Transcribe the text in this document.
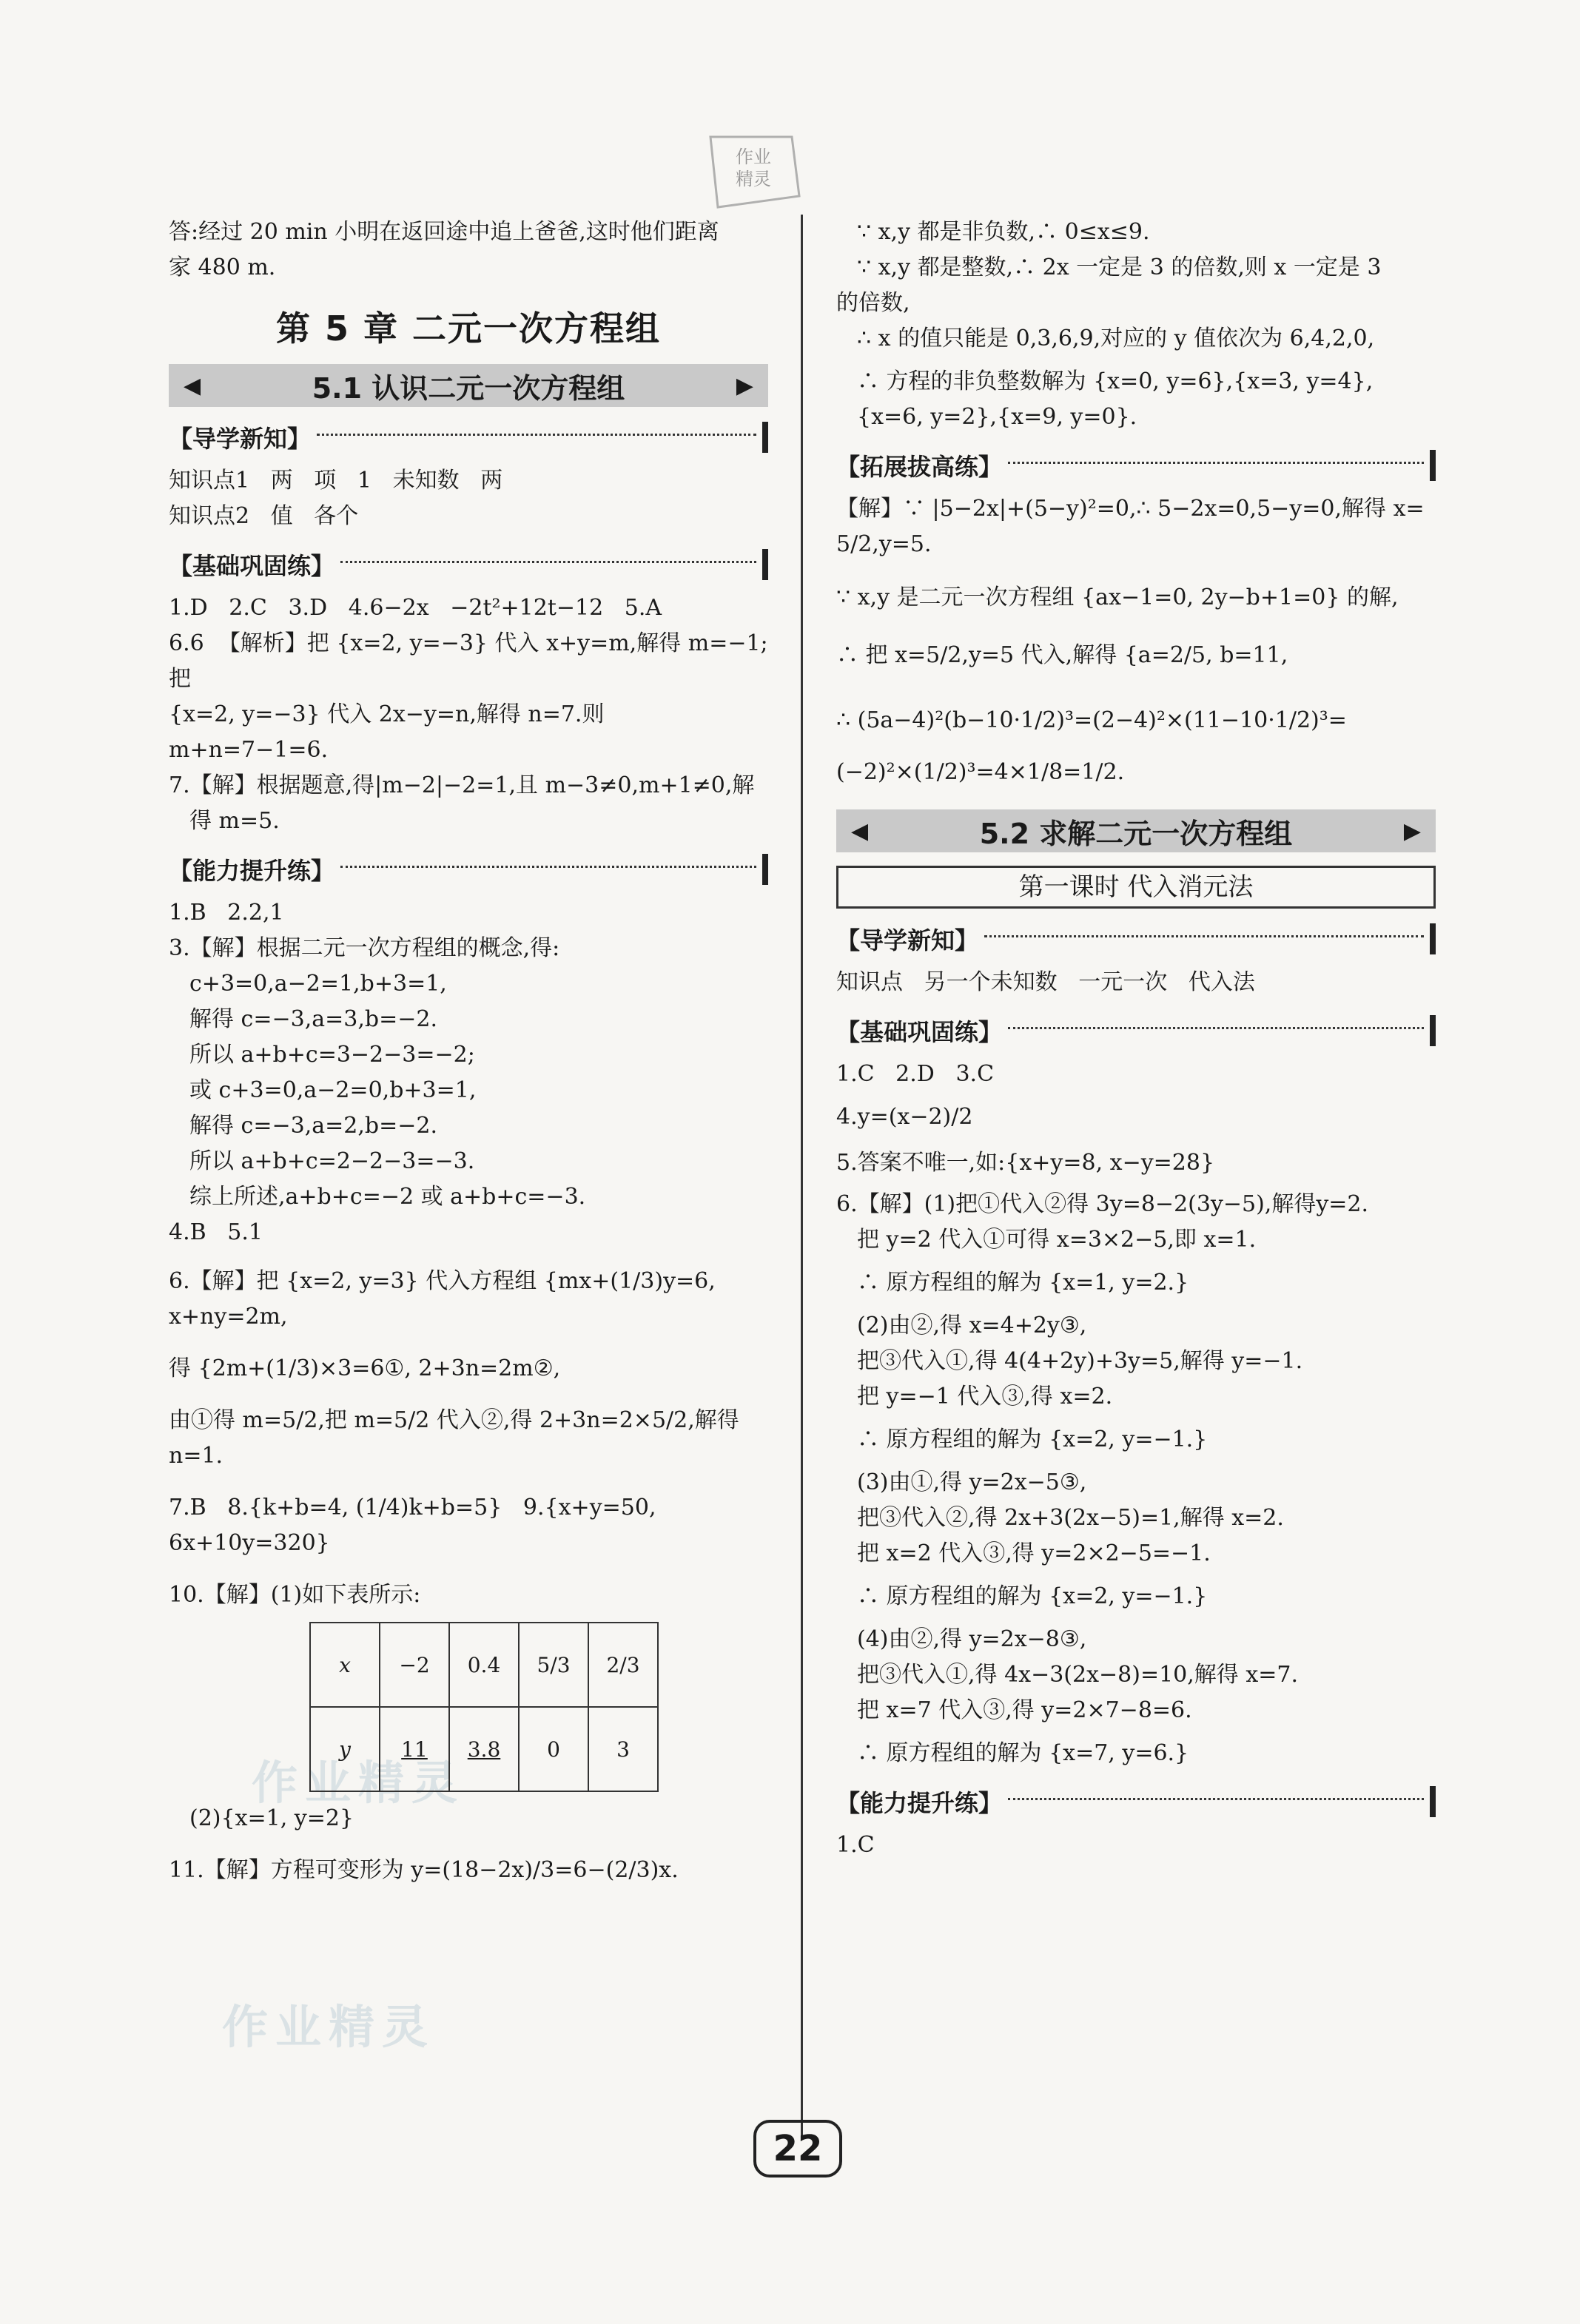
作业
精灵
作业精灵
作业精灵
答:经过 20 min 小明在返回途中追上爸爸,这时他们距离
家 480 m.
第 5 章 二元一次方程组
◀	5.1 认识二元一次方程组	▶
【导学新知】
知识点1   两   项   1   未知数   两
知识点2   值   各个
【基础巩固练】
1.D   2.C   3.D   4.6−2x   −2t²+12t−12   5.A
6.6  【解析】把 {x=2, y=−3} 代入 x+y=m,解得 m=−1;把
{x=2, y=−3} 代入 2x−y=n,解得 n=7.则 m+n=7−1=6.
7.【解】根据题意,得|m−2|−2=1,且 m−3≠0,m+1≠0,解
得 m=5.
【能力提升练】
1.B   2.2,1
3.【解】根据二元一次方程组的概念,得:
c+3=0,a−2=1,b+3=1,
解得 c=−3,a=3,b=−2.
所以 a+b+c=3−2−3=−2;
或 c+3=0,a−2=0,b+3=1,
解得 c=−3,a=2,b=−2.
所以 a+b+c=2−2−3=−3.
综上所述,a+b+c=−2 或 a+b+c=−3.
4.B   5.1
6.【解】把 {x=2, y=3} 代入方程组 {mx+(1/3)y=6, x+ny=2m,
得 {2m+(1/3)×3=6①, 2+3n=2m②,
由①得 m=5/2,把 m=5/2 代入②,得 2+3n=2×5/2,解得
n=1.
7.B   8.{k+b=4, (1/4)k+b=5}   9.{x+y=50, 6x+10y=320}
10.【解】(1)如下表所示:
x	−2	0.4	5/3	2/3
y	11	3.8	0	3
(2){x=1, y=2}
11.【解】方程可变形为 y=(18−2x)/3=6−(2/3)x.
∵ x,y 都是非负数,∴ 0≤x≤9.
∵ x,y 都是整数,∴ 2x 一定是 3 的倍数,则 x 一定是 3
的倍数,
∴ x 的值只能是 0,3,6,9,对应的 y 值依次为 6,4,2,0,
∴ 方程的非负整数解为 {x=0, y=6},{x=3, y=4},{x=6, y=2},{x=9, y=0}.
【拓展拔高练】
【解】∵ |5−2x|+(5−y)²=0,∴ 5−2x=0,5−y=0,解得 x=
5/2,y=5.
∵ x,y 是二元一次方程组 {ax−1=0, 2y−b+1=0} 的解,
∴ 把 x=5/2,y=5 代入,解得 {a=2/5, b=11,
∴ (5a−4)²(b−10·1/2)³=(2−4)²×(11−10·1/2)³=
(−2)²×(1/2)³=4×1/8=1/2.
◀	5.2 求解二元一次方程组	▶
第一课时 代入消元法
【导学新知】
知识点   另一个未知数   一元一次   代入法
【基础巩固练】
1.C   2.D   3.C
4.y=(x−2)/2
5.答案不唯一,如:{x+y=8, x−y=28}
6.【解】(1)把①代入②得 3y=8−2(3y−5),解得y=2.
把 y=2 代入①可得 x=3×2−5,即 x=1.
∴ 原方程组的解为 {x=1, y=2.}
(2)由②,得 x=4+2y③,
把③代入①,得 4(4+2y)+3y=5,解得 y=−1.
把 y=−1 代入③,得 x=2.
∴ 原方程组的解为 {x=2, y=−1.}
(3)由①,得 y=2x−5③,
把③代入②,得 2x+3(2x−5)=1,解得 x=2.
把 x=2 代入③,得 y=2×2−5=−1.
∴ 原方程组的解为 {x=2, y=−1.}
(4)由②,得 y=2x−8③,
把③代入①,得 4x−3(2x−8)=10,解得 x=7.
把 x=7 代入③,得 y=2×7−8=6.
∴ 原方程组的解为 {x=7, y=6.}
【能力提升练】
1.C
22
